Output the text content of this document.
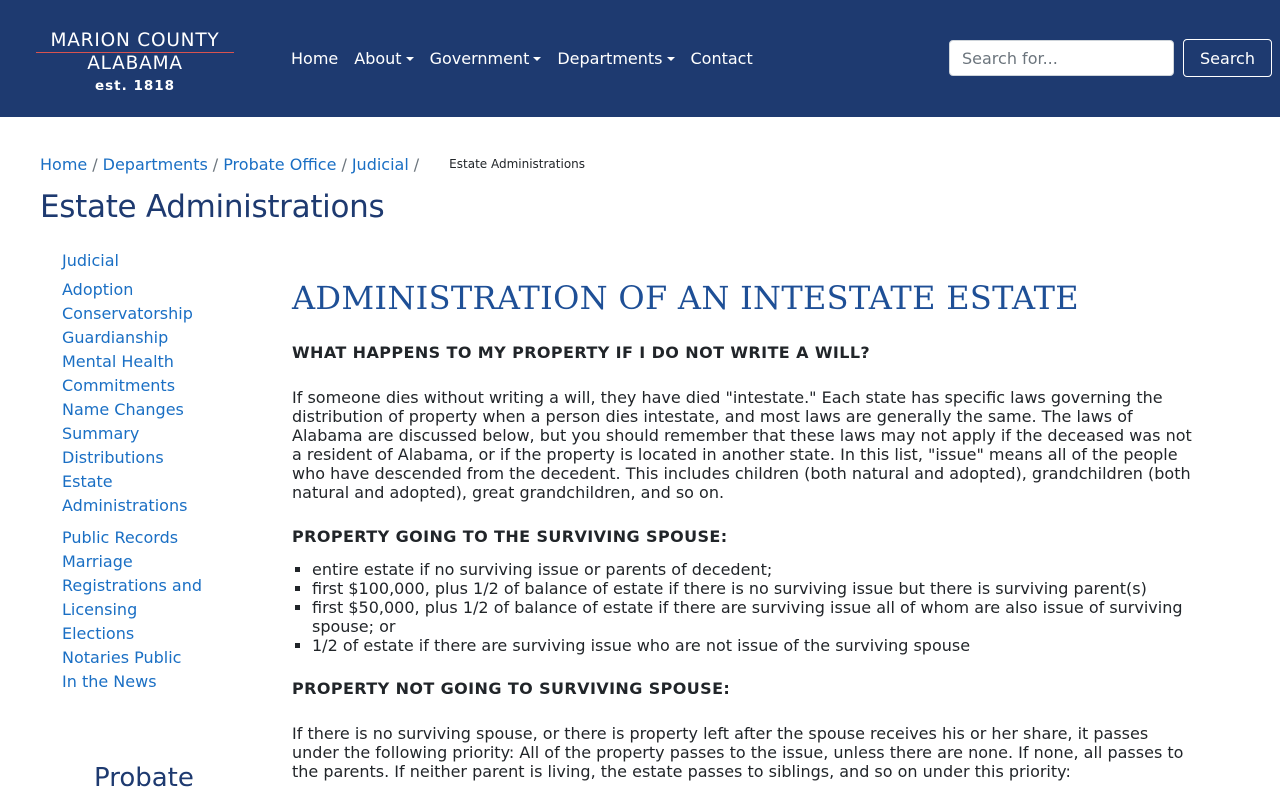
MARION COUNTY
ALABAMA
est. 1818
Home About Government Departments Contact
Search for...	Search
Home / Departments / Probate Office / Judicial /	Estate Administrations
Estate Administrations
Judicial
Adoption
Conservatorship
Guardianship
Mental Health
Commitments
Name Changes
Summary
Distributions
Estate
Administrations
Public Records
Marriage
Registrations and
Licensing
Elections
Notaries Public
In the News
Probate
ADMINISTRATION OF AN INTESTATE ESTATE
WHAT HAPPENS TO MY PROPERTY IF I DO NOT WRITE A WILL?

If someone dies without writing a will, they have died "intestate." Each state has specific laws governing the distribution of property when a person dies intestate, and most laws are generally the same. The laws of Alabama are discussed below, but you should remember that these laws may not apply if the deceased was not a resident of Alabama, or if the property is located in another state. In this list, "issue" means all of the people who have descended from the decedent. This includes children (both natural and adopted), grandchildren (both natural and adopted), great grandchildren, and so on.

PROPERTY GOING TO THE SURVIVING SPOUSE:
entire estate if no surviving issue or parents of decedent;
first $100,000, plus 1/2 of balance of estate if there is no surviving issue but there is surviving parent(s)
first $50,000, plus 1/2 of balance of estate if there are surviving issue all of whom are also issue of surviving spouse; or
1/2 of estate if there are surviving issue who are not issue of the surviving spouse
PROPERTY NOT GOING TO SURVIVING SPOUSE:

If there is no surviving spouse, or there is property left after the spouse receives his or her share, it passes under the following priority: All of the property passes to the issue, unless there are none. If none, all passes to the parents. If neither parent is living, the estate passes to siblings, and so on under this priority:
